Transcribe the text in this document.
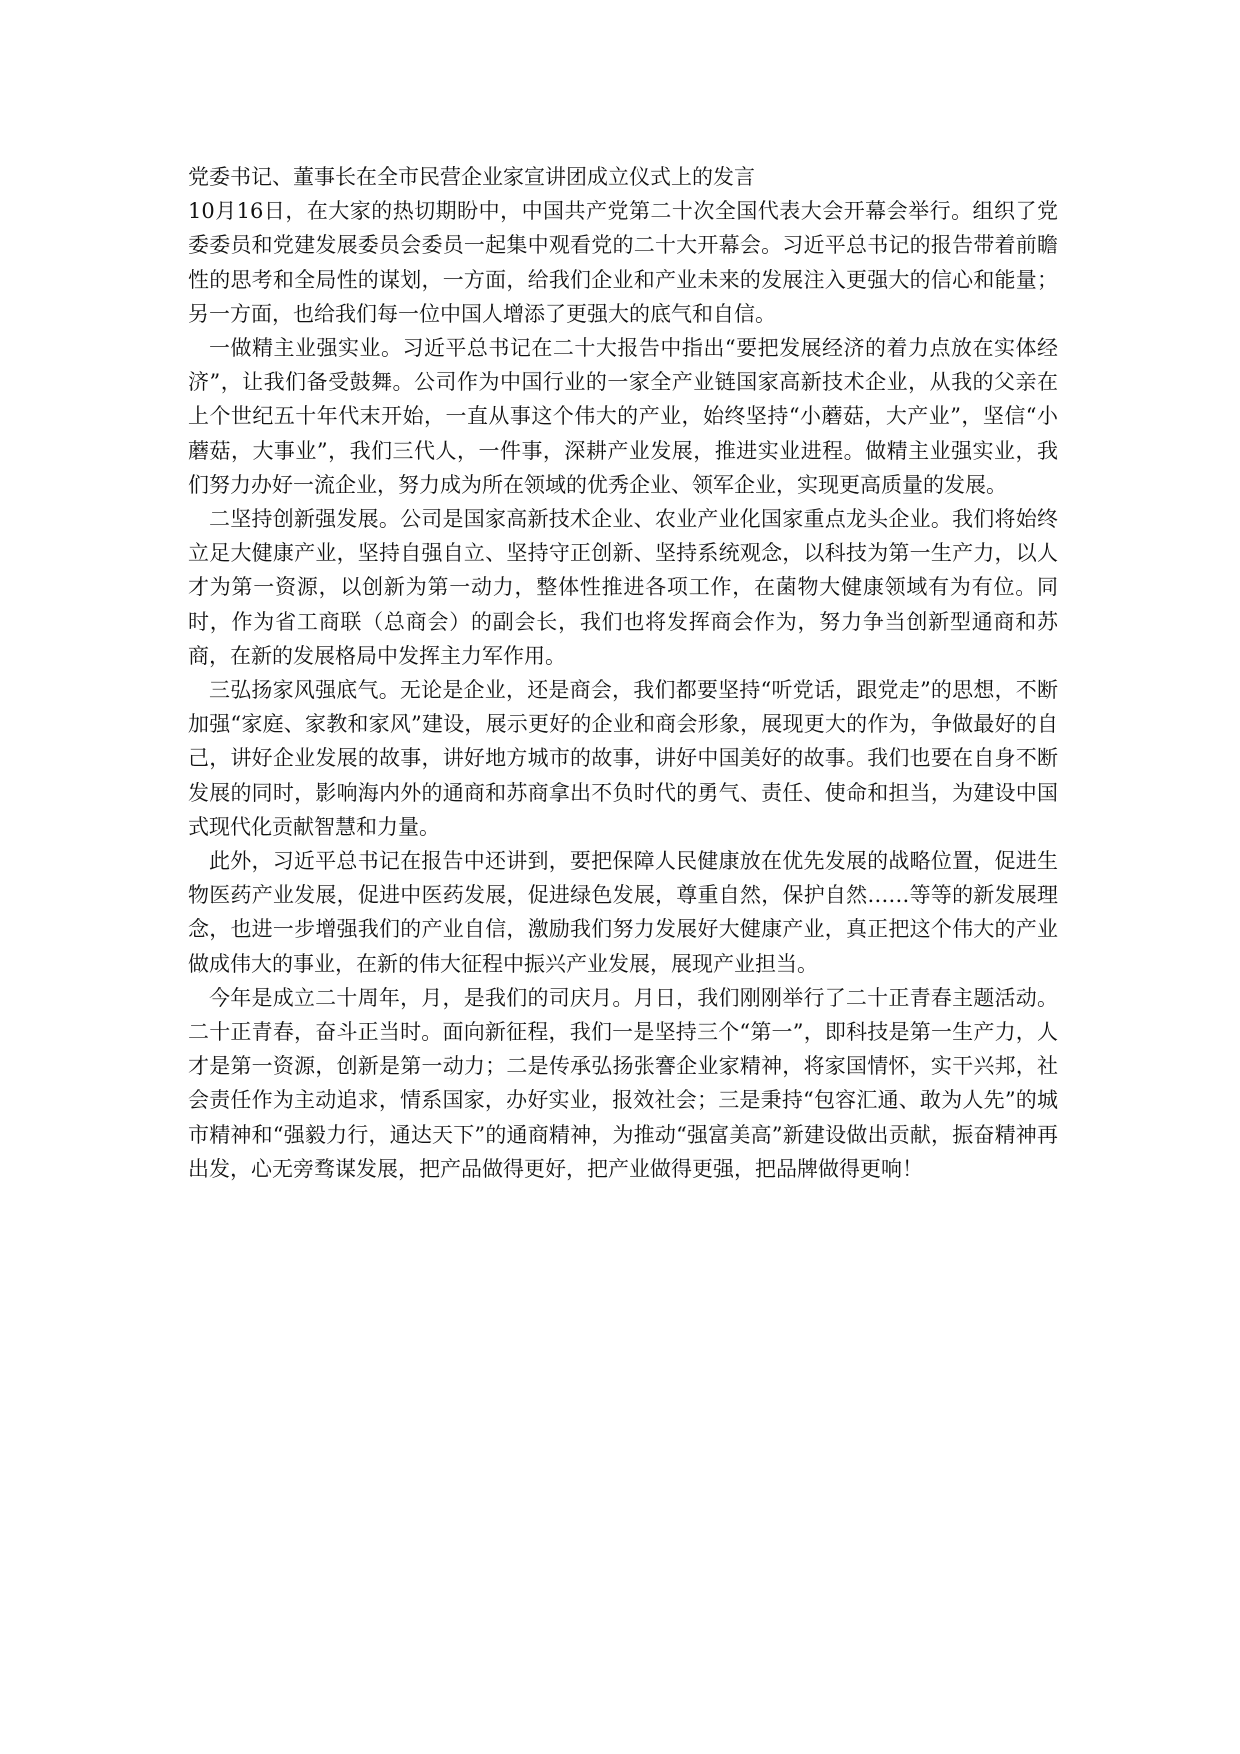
党委书记、董事长在全市民营企业家宣讲团成立仪式上的发言

10月16日，在大家的热切期盼中，中国共产党第二十次全国代表大会开幕会举行。组织了党委委员和党建发展委员会委员一起集中观看党的二十大开幕会。习近平总书记的报告带着前瞻性的思考和全局性的谋划，一方面，给我们企业和产业未来的发展注入更强大的信心和能量；另一方面，也给我们每一位中国人增添了更强大的底气和自信。

一做精主业强实业。习近平总书记在二十大报告中指出“要把发展经济的着力点放在实体经济”，让我们备受鼓舞。公司作为中国行业的一家全产业链国家高新技术企业，从我的父亲在上个世纪五十年代末开始，一直从事这个伟大的产业，始终坚持“小蘑菇，大产业”，坚信“小蘑菇，大事业”，我们三代人，一件事，深耕产业发展，推进实业进程。做精主业强实业，我们努力办好一流企业，努力成为所在领域的优秀企业、领军企业，实现更高质量的发展。

二坚持创新强发展。公司是国家高新技术企业、农业产业化国家重点龙头企业。我们将始终立足大健康产业，坚持自强自立、坚持守正创新、坚持系统观念，以科技为第一生产力，以人才为第一资源，以创新为第一动力，整体性推进各项工作，在菌物大健康领域有为有位。同时，作为省工商联（总商会）的副会长，我们也将发挥商会作为，努力争当创新型通商和苏商，在新的发展格局中发挥主力军作用。

三弘扬家风强底气。无论是企业，还是商会，我们都要坚持“听党话，跟党走”的思想，不断加强“家庭、家教和家风”建设，展示更好的企业和商会形象，展现更大的作为，争做最好的自己，讲好企业发展的故事，讲好地方城市的故事，讲好中国美好的故事。我们也要在自身不断发展的同时，影响海内外的通商和苏商拿出不负时代的勇气、责任、使命和担当，为建设中国式现代化贡献智慧和力量。

此外，习近平总书记在报告中还讲到，要把保障人民健康放在优先发展的战略位置，促进生物医药产业发展，促进中医药发展，促进绿色发展，尊重自然，保护自然……等等的新发展理念，也进一步增强我们的产业自信，激励我们努力发展好大健康产业，真正把这个伟大的产业做成伟大的事业，在新的伟大征程中振兴产业发展，展现产业担当。

今年是成立二十周年，月，是我们的司庆月。月日，我们刚刚举行了二十正青春主题活动。二十正青春，奋斗正当时。面向新征程，我们一是坚持三个“第一”，即科技是第一生产力，人才是第一资源，创新是第一动力；二是传承弘扬张謇企业家精神，将家国情怀，实干兴邦，社会责任作为主动追求，情系国家，办好实业，报效社会；三是秉持“包容汇通、敢为人先”的城市精神和“强毅力行，通达天下”的通商精神，为推动“强富美高”新建设做出贡献，振奋精神再出发，心无旁骛谋发展，把产品做得更好，把产业做得更强，把品牌做得更响！
